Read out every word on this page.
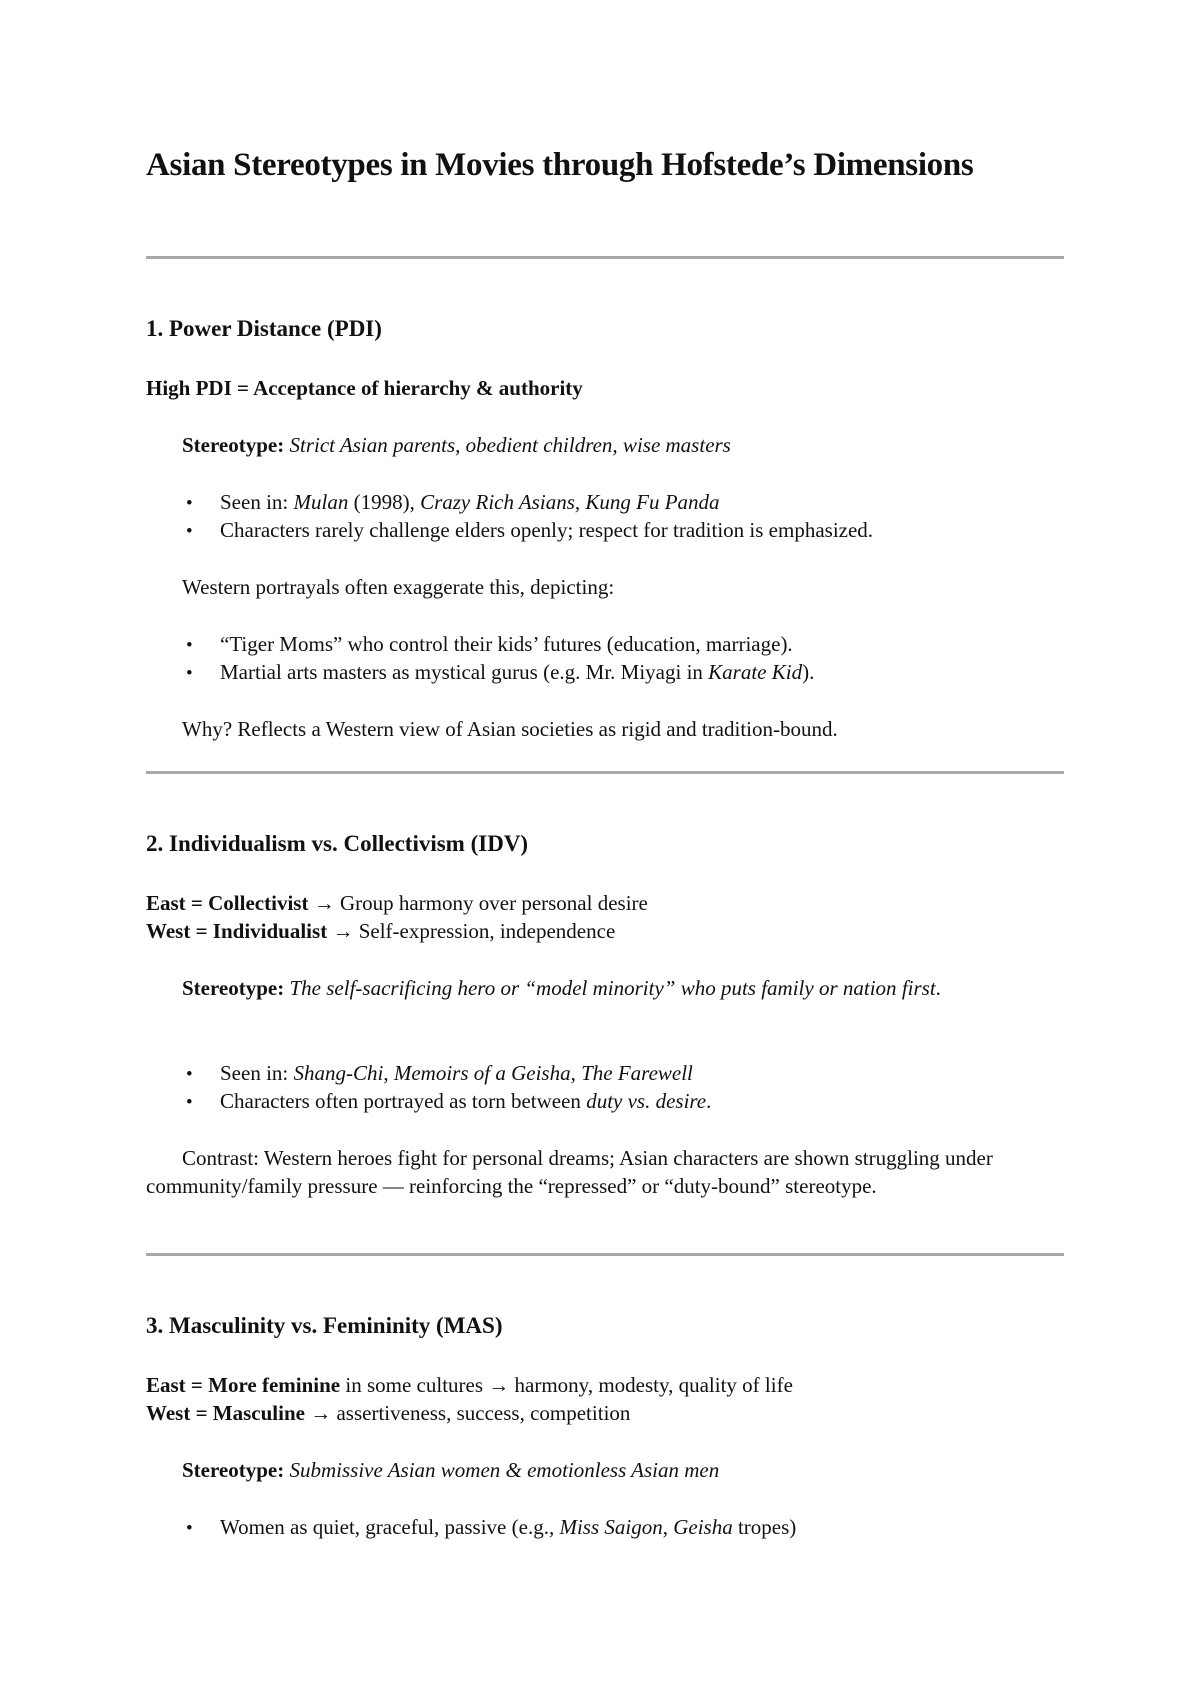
Asian Stereotypes in Movies through Hofstede’s Dimensions
1. Power Distance (PDI)
High PDI = Acceptance of hierarchy & authority
Stereotype: Strict Asian parents, obedient children, wise masters
• Seen in: Mulan (1998), Crazy Rich Asians, Kung Fu Panda
• Characters rarely challenge elders openly; respect for tradition is emphasized.
Western portrayals often exaggerate this, depicting:
• “Tiger Moms” who control their kids’ futures (education, marriage).
• Martial arts masters as mystical gurus (e.g. Mr. Miyagi in Karate Kid).
Why? Reflects a Western view of Asian societies as rigid and tradition-bound.
2. Individualism vs. Collectivism (IDV)
East = Collectivist → Group harmony over personal desire
West = Individualist → Self-expression, independence
Stereotype: The self-sacrificing hero or “model minority” who puts family or nation first.
• Seen in: Shang-Chi, Memoirs of a Geisha, The Farewell
• Characters often portrayed as torn between duty vs. desire.
Contrast: Western heroes fight for personal dreams; Asian characters are shown struggling under community/family pressure — reinforcing the “repressed” or “duty-bound” stereotype.
3. Masculinity vs. Femininity (MAS)
East = More feminine in some cultures → harmony, modesty, quality of life
West = Masculine → assertiveness, success, competition
Stereotype: Submissive Asian women & emotionless Asian men
• Women as quiet, graceful, passive (e.g., Miss Saigon, Geisha tropes)
